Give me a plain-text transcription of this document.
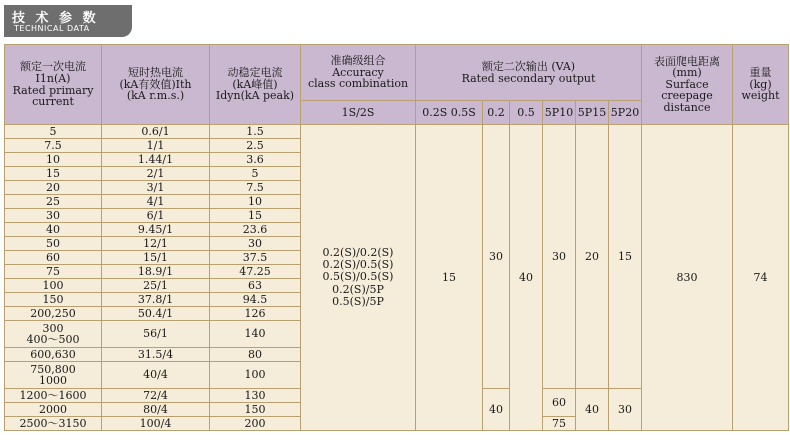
技 术 参 数
TECHNICAL DATA
额定一次电流
I1n(A)
Rated primary
current	短时热电流
(kA有效值)Ith
(kA r.m.s.)	动稳定电流
(kA峰值)
Idyn(kA peak)	准确级组合
Accuracy
class combination	额定二次输出 (VA)
Rated secondary output						表面爬电距离
(mm)
Surface
creepage
distance	重量
(kg)
weight

			1S/2S	0.2S 0.5S	0.2	0.5	5P10	5P15	5P20		
5	0.6/1	1.5	0.2(S)/0.2(S)
0.2(S)/0.5(S)
0.5(S)/0.5(S)
0.2(S)/5P
0.5(S)/5P	15	30	40	30	20	15	830	74
7.5	1/1	2.5									
10	1.44/1	3.6									
15	2/1	5									
20	3/1	7.5									
25	4/1	10									
30	6/1	15									
40	9.45/1	23.6									
50	12/1	30									
60	15/1	37.5									
75	18.9/1	47.25									
100	25/1	63									
150	37.8/1	94.5									
200,250	50.4/1	126									

300
400～500	56/1	140									
600,630	31.5/4	80									

750,800
1000	40/4	100									
1200～1600	72/4	130			40		60	40	30		
2000	80/4	150									
2500～3150	100/4	200					75				
